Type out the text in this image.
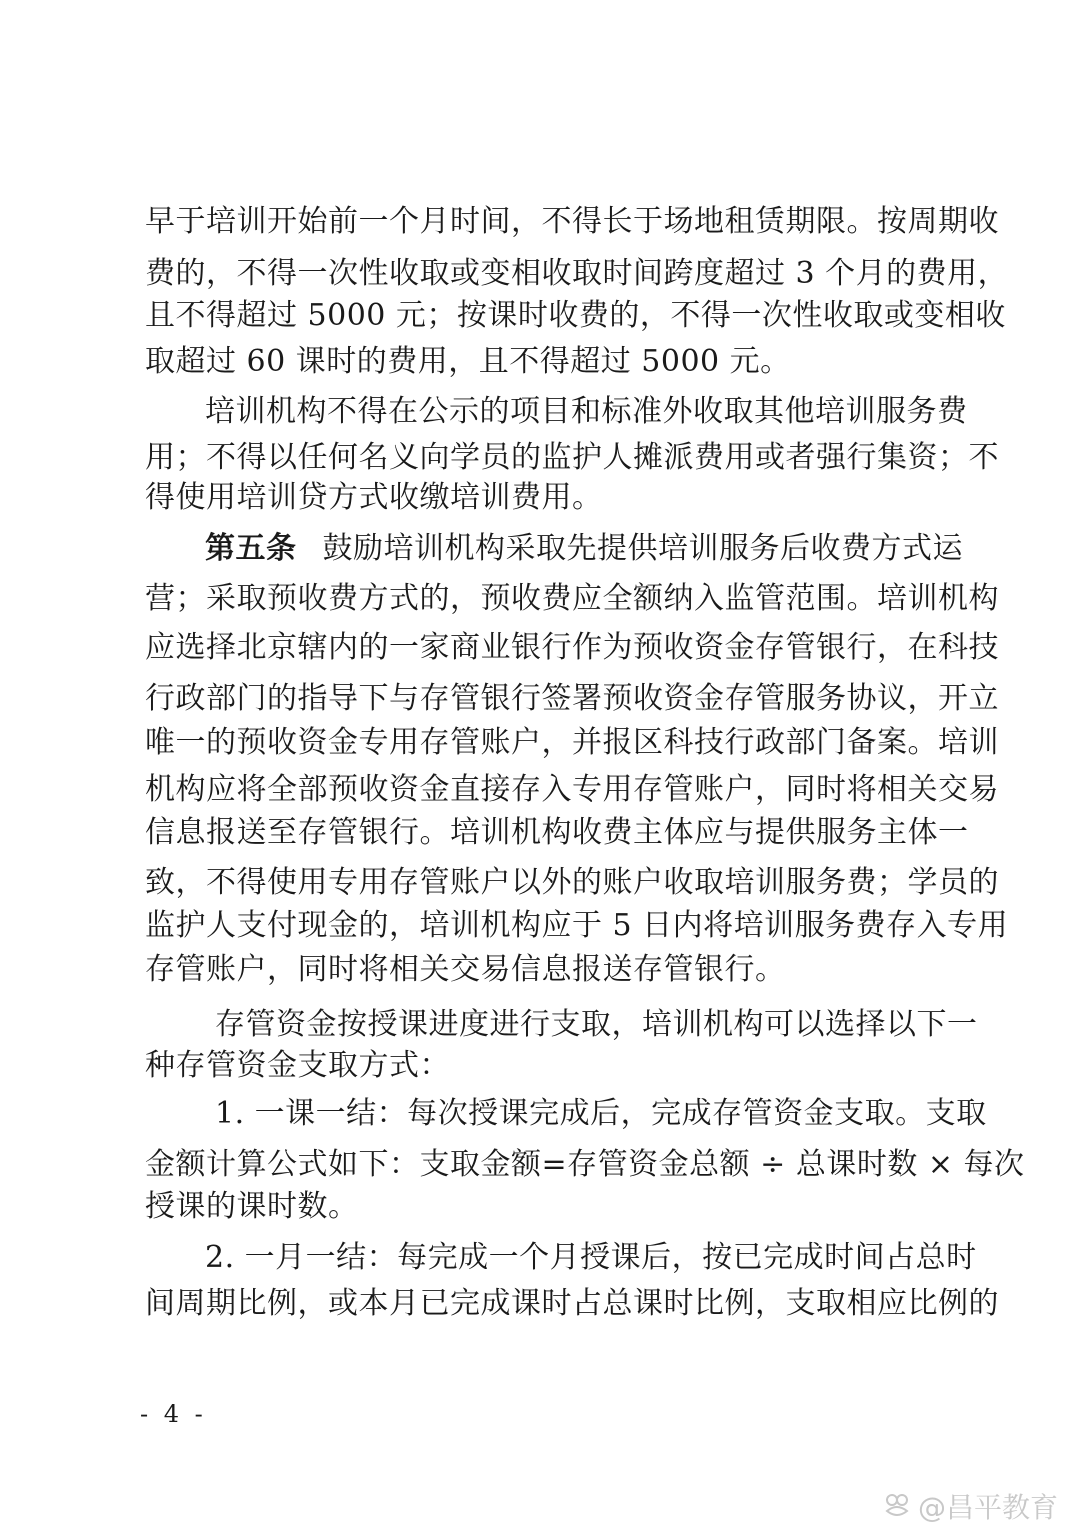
早于培训开始前一个月时间，不得长于场地租赁期限。按周期收
费的，不得一次性收取或变相收取时间跨度超过 3 个月的费用，
且不得超过 5000 元；按课时收费的，不得一次性收取或变相收
取超过 60 课时的费用，且不得超过 5000 元。
培训机构不得在公示的项目和标准外收取其他培训服务费
用；不得以任何名义向学员的监护人摊派费用或者强行集资；不
得使用培训贷方式收缴培训费用。
第五条 鼓励培训机构采取先提供培训服务后收费方式运
营；采取预收费方式的，预收费应全额纳入监管范围。培训机构
应选择北京辖内的一家商业银行作为预收资金存管银行，在科技
行政部门的指导下与存管银行签署预收资金存管服务协议，开立
唯一的预收资金专用存管账户，并报区科技行政部门备案。培训
机构应将全部预收资金直接存入专用存管账户，同时将相关交易
信息报送至存管银行。培训机构收费主体应与提供服务主体一
致，不得使用专用存管账户以外的账户收取培训服务费；学员的
监护人支付现金的，培训机构应于 5 日内将培训服务费存入专用
存管账户，同时将相关交易信息报送存管银行。
存管资金按授课进度进行支取，培训机构可以选择以下一
种存管资金支取方式：
1. 一课一结：每次授课完成后，完成存管资金支取。支取
金额计算公式如下：支取金额=存管资金总额 ÷ 总课时数 × 每次
授课的课时数。
2. 一月一结：每完成一个月授课后，按已完成时间占总时
间周期比例，或本月已完成课时占总课时比例，支取相应比例的
- 4 -
@昌平教育
